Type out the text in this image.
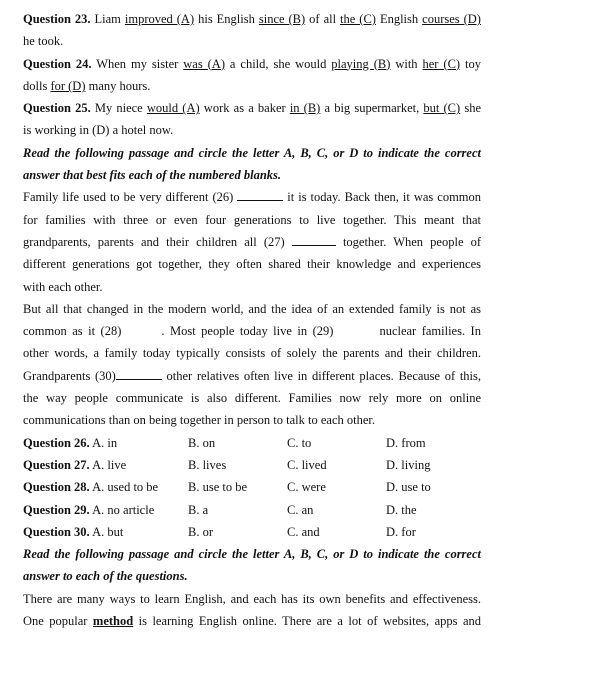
Question 23. Liam improved (A) his English since (B) of all the (C) English courses (D)
he took.
Question 24. When my sister was (A) a child, she would playing (B) with her (C) toy
dolls for (D) many hours.
Question 25. My niece would (A) work as a baker in (B) a big supermarket, but (C) she
is working in (D) a hotel now.
Read the following passage and circle the letter A, B, C, or D to indicate the correct
answer that best fits each of the numbered blanks.
Family life used to be very different (26)	it is today. Back then, it was common
for families with three or even four generations to live together. This meant that
grandparents, parents and their children all (27)	together. When people of
different generations got together, they often shared their knowledge and experiences
with each other.
But all that changed in the modern world, and the idea of an extended family is not as
common as it (28)	. Most people today live in (29)	nuclear families. In
other words, a family today typically consists of solely the parents and their children.
Grandparents (30)	other relatives often live in different places. Because of this,
the way people communicate is also different. Families now rely more on online
communications than on being together in person to talk to each other.
Question 26. A. in	B. on	C. to	D. from
Question 27. A. live	B. lives	C. lived	D. living
Question 28. A. used to be	B. use to be	C. were	D. use to
Question 29. A. no article	B. a	C. an	D. the
Question 30. A. but	B. or	C. and	D. for
Read the following passage and circle the letter A, B, C, or D to indicate the correct
answer to each of the questions.
There are many ways to learn English, and each has its own benefits and effectiveness.
One popular method is learning English online. There are a lot of websites, apps and
